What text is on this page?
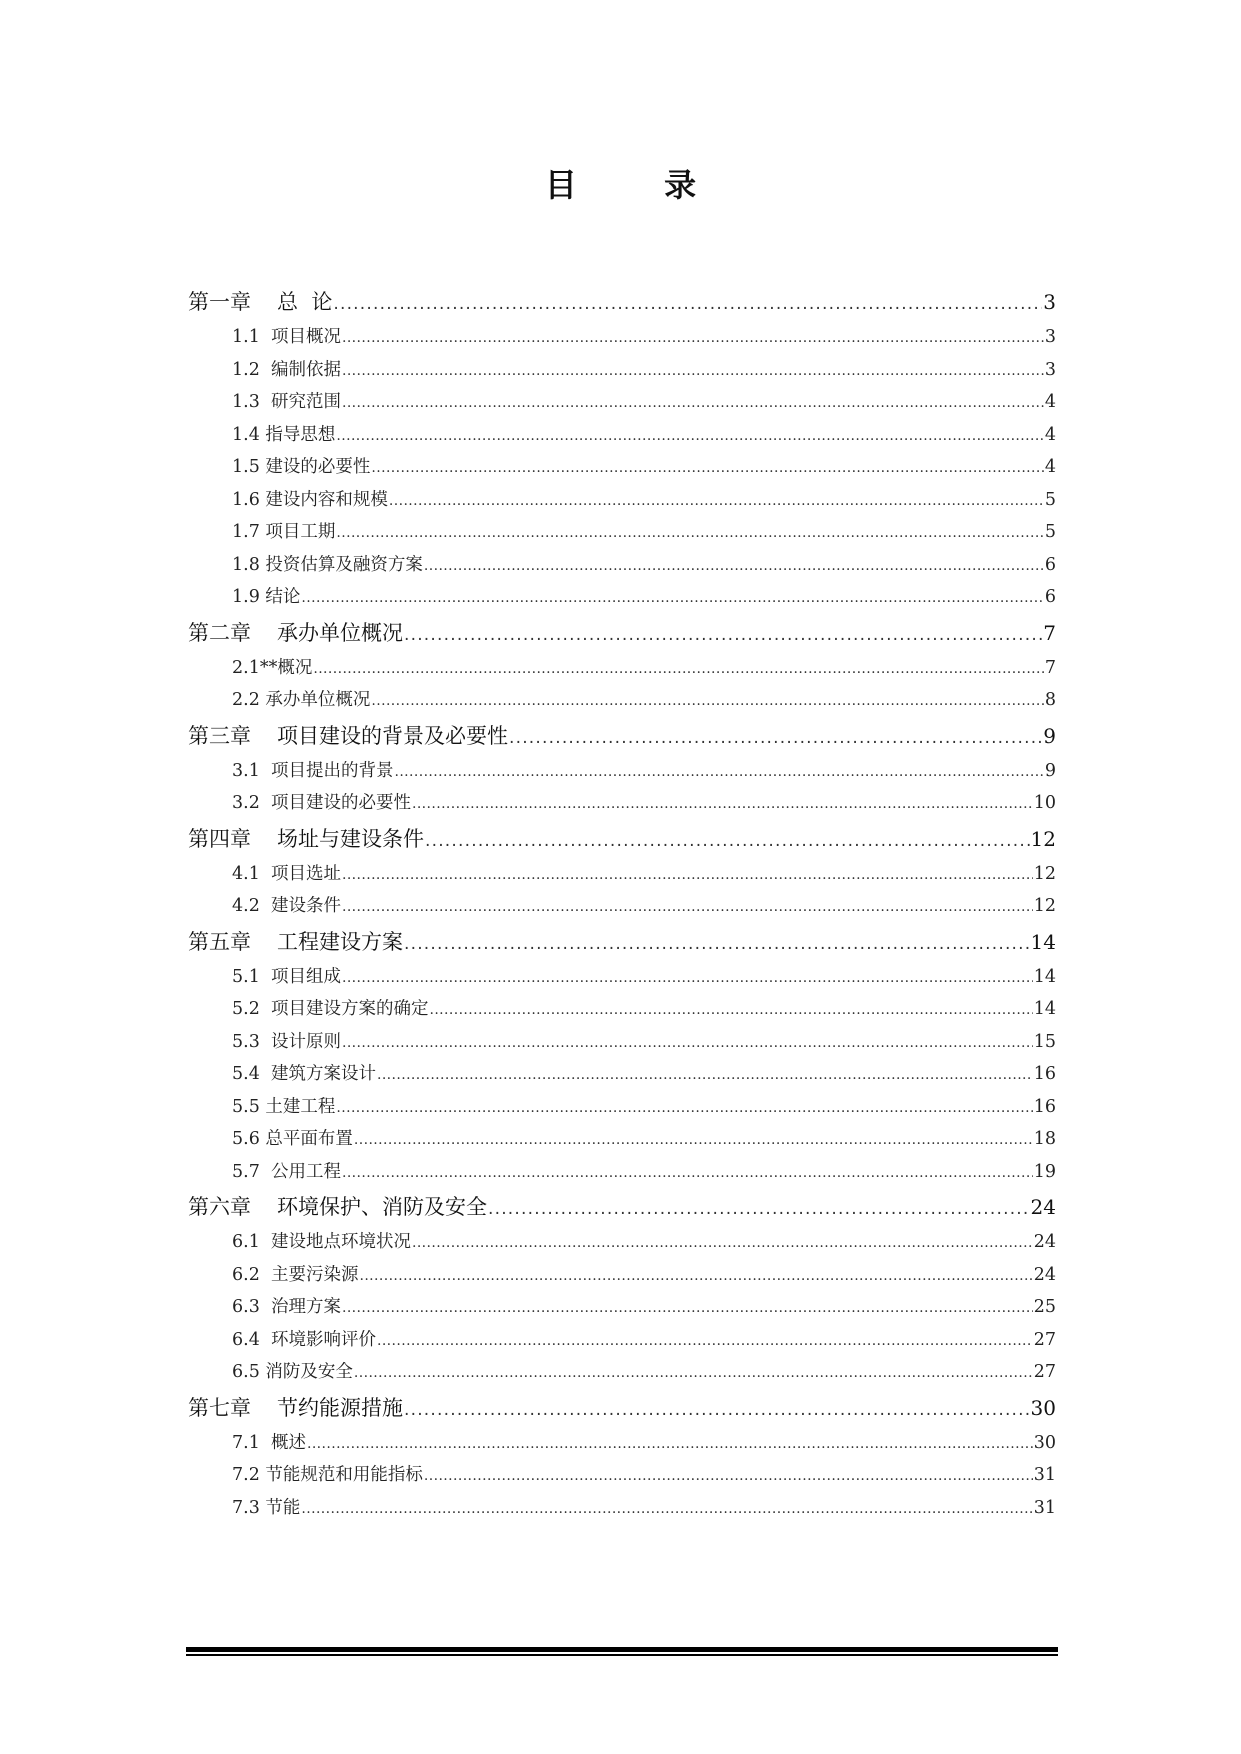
目 录
第一章 总  论 .....	3
1.1  项目概况 .....	3
1.2  编制依据 .....	3
1.3  研究范围 .....	4
1.4 指导思想 .....	4
1.5 建设的必要性 .....	4
1.6 建设内容和规模 .....	5
1.7 项目工期 .....	5
1.8 投资估算及融资方案 .....	6
1.9 结论 .....	6
第二章 承办单位概况 .....	7
2.1**概况 .....	7
2.2 承办单位概况 .....	8
第三章 项目建设的背景及必要性 .....	9
3.1  项目提出的背景 .....	9
3.2  项目建设的必要性 .....	10
第四章 场址与建设条件 .....	12
4.1  项目选址 .....	12
4.2  建设条件 .....	12
第五章 工程建设方案 .....	14
5.1  项目组成 .....	14
5.2  项目建设方案的确定 .....	14
5.3  设计原则 .....	15
5.4  建筑方案设计 .....	16
5.5 土建工程 .....	16
5.6 总平面布置 .....	18
5.7  公用工程 .....	19
第六章 环境保护、消防及安全 .....	24
6.1  建设地点环境状况 .....	24
6.2  主要污染源 .....	24
6.3  治理方案 .....	25
6.4  环境影响评价 .....	27
6.5 消防及安全 .....	27
第七章 节约能源措施 .....	30
7.1  概述 .....	30
7.2 节能规范和用能指标 .....	31
7.3 节能 .....	31
